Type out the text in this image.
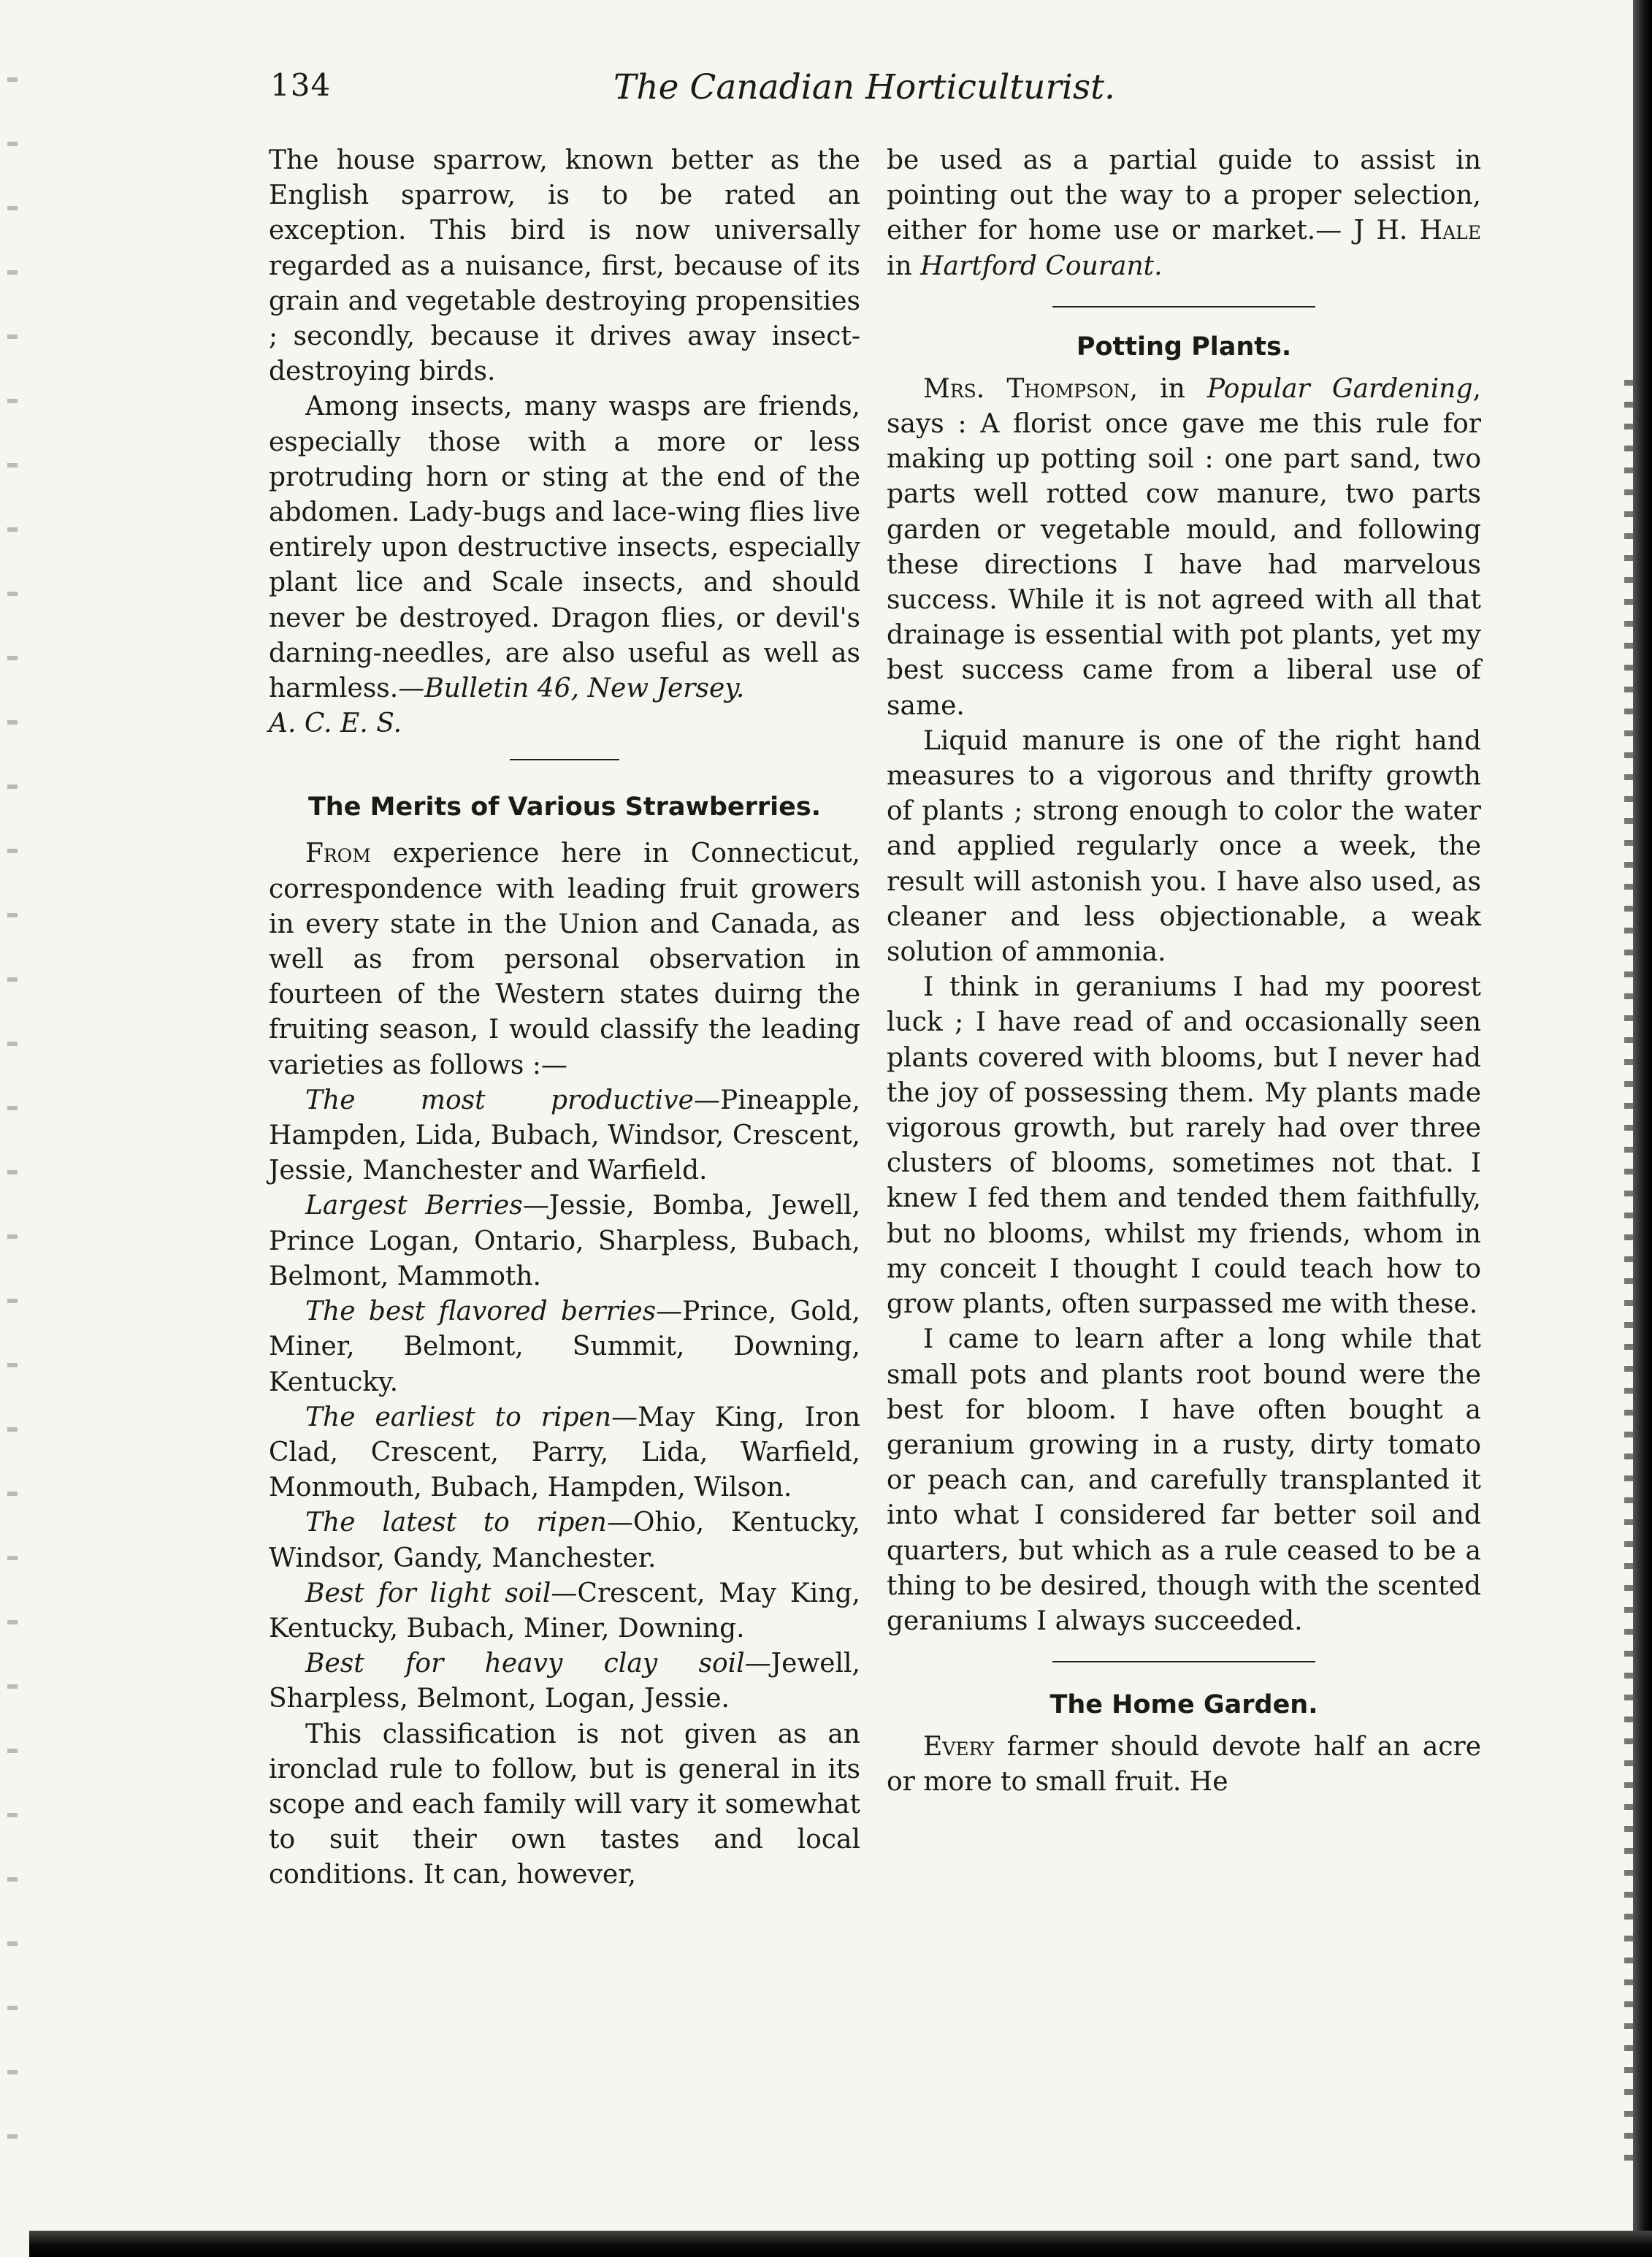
134	The Canadian Horticulturist.

The house sparrow, known better as the English sparrow, is to be rated an exception. This bird is now universally regarded as a nuisance, first, because of its grain and vegetable destroying propensities ; secondly, because it drives away insect-destroying birds.

Among insects, many wasps are friends, especially those with a more or less protruding horn or sting at the end of the abdomen. Lady-bugs and lace-wing flies live entirely upon destructive insects, especially plant lice and Scale insects, and should never be destroyed. Dragon flies, or devil's darning-needles, are also useful as well as harmless.—Bulletin 46, New Jersey.

A. C. E. S.

The Merits of Various Strawberries.

From experience here in Connecticut, correspondence with leading fruit growers in every state in the Union and Canada, as well as from personal observation in fourteen of the Western states duirng the fruiting season, I would classify the leading varieties as follows :—

The most productive—Pineapple, Hampden, Lida, Bubach, Windsor, Crescent, Jessie, Manchester and Warfield.

Largest Berries—Jessie, Bomba, Jewell, Prince Logan, Ontario, Sharpless, Bubach, Belmont, Mammoth.

The best flavored berries—Prince, Gold, Miner, Belmont, Summit, Downing, Kentucky.

The earliest to ripen—May King, Iron Clad, Crescent, Parry, Lida, Warfield, Monmouth, Bubach, Hampden, Wilson.

The latest to ripen—Ohio, Kentucky, Windsor, Gandy, Manchester.

Best for light soil—Crescent, May King, Kentucky, Bubach, Miner, Downing.

Best for heavy clay soil—Jewell, Sharpless, Belmont, Logan, Jessie.

This classification is not given as an ironclad rule to follow, but is general in its scope and each family will vary it somewhat to suit their own tastes and local conditions. It can, however,

be used as a partial guide to assist in pointing out the way to a proper selection, either for home use or market.— J H. Hale in Hartford Courant.

Potting Plants.

Mrs. Thompson, in Popular Gardening, says : A florist once gave me this rule for making up potting soil : one part sand, two parts well rotted cow manure, two parts garden or vegetable mould, and following these directions I have had marvelous success. While it is not agreed with all that drainage is essential with pot plants, yet my best success came from a liberal use of same.

Liquid manure is one of the right hand measures to a vigorous and thrifty growth of plants ; strong enough to color the water and applied regularly once a week, the result will astonish you. I have also used, as cleaner and less objectionable, a weak solution of ammonia.

I think in geraniums I had my poorest luck ; I have read of and occasionally seen plants covered with blooms, but I never had the joy of possessing them. My plants made vigorous growth, but rarely had over three clusters of blooms, sometimes not that. I knew I fed them and tended them faithfully, but no blooms, whilst my friends, whom in my conceit I thought I could teach how to grow plants, often surpassed me with these.

I came to learn after a long while that small pots and plants root bound were the best for bloom. I have often bought a geranium growing in a rusty, dirty tomato or peach can, and carefully transplanted it into what I considered far better soil and quarters, but which as a rule ceased to be a thing to be desired, though with the scented geraniums I always succeeded.

The Home Garden.

Every farmer should devote half an acre or more to small fruit. He
